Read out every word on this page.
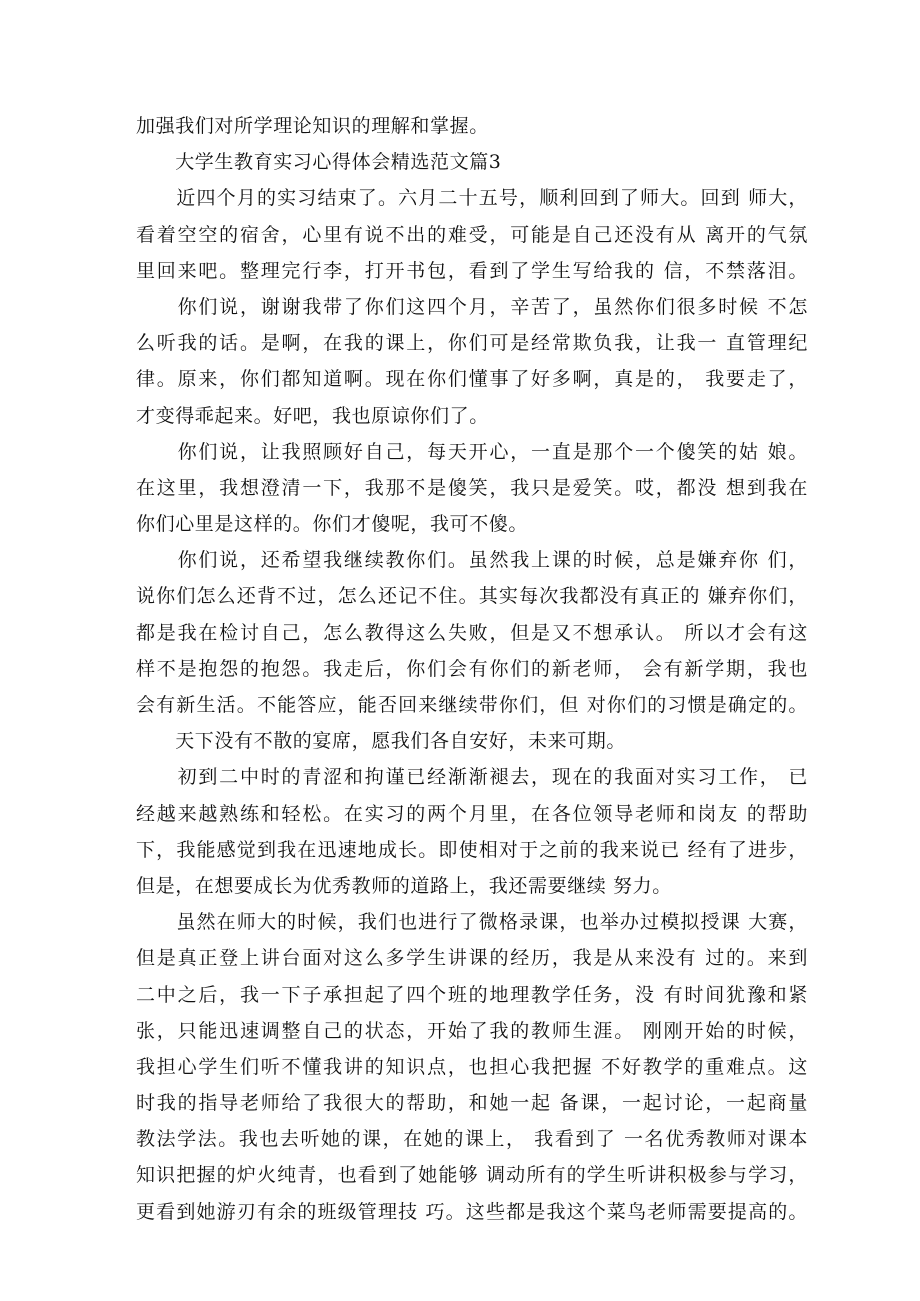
加强我们对所学理论知识的理解和掌握。
　　大学生教育实习心得体会精选范文篇3
　　近四个月的实习结束了。六月二十五号，顺利回到了师大。回到 师大，
看着空空的宿舍，心里有说不出的难受，可能是自己还没有从 离开的气氛
里回来吧。整理完行李，打开书包，看到了学生写给我的 信，不禁落泪。
　　你们说，谢谢我带了你们这四个月，辛苦了，虽然你们很多时候 不怎
么听我的话。是啊，在我的课上，你们可是经常欺负我，让我一 直管理纪
律。原来，你们都知道啊。现在你们懂事了好多啊，真是的， 我要走了，
才变得乖起来。好吧，我也原谅你们了。
　　你们说，让我照顾好自己，每天开心，一直是那个一个傻笑的姑 娘。
在这里，我想澄清一下，我那不是傻笑，我只是爱笑。哎，都没 想到我在
你们心里是这样的。你们才傻呢，我可不傻。
　　你们说，还希望我继续教你们。虽然我上课的时候，总是嫌弃你 们，
说你们怎么还背不过，怎么还记不住。其实每次我都没有真正的 嫌弃你们，
都是我在检讨自己，怎么教得这么失败，但是又不想承认。 所以才会有这
样不是抱怨的抱怨。我走后，你们会有你们的新老师， 会有新学期，我也
会有新生活。不能答应，能否回来继续带你们，但 对你们的习惯是确定的。
　　天下没有不散的宴席，愿我们各自安好，未来可期。
　　初到二中时的青涩和拘谨已经渐渐褪去，现在的我面对实习工作， 已
经越来越熟练和轻松。在实习的两个月里，在各位领导老师和岗友 的帮助
下，我能感觉到我在迅速地成长。即使相对于之前的我来说已 经有了进步，
但是，在想要成长为优秀教师的道路上，我还需要继续 努力。
　　虽然在师大的时候，我们也进行了微格录课，也举办过模拟授课 大赛，
但是真正登上讲台面对这么多学生讲课的经历，我是从来没有 过的。来到
二中之后，我一下子承担起了四个班的地理教学任务，没 有时间犹豫和紧
张，只能迅速调整自己的状态，开始了我的教师生涯。 刚刚开始的时候，
我担心学生们听不懂我讲的知识点，也担心我把握 不好教学的重难点。这
时我的指导老师给了我很大的帮助，和她一起 备课，一起讨论，一起商量
教法学法。我也去听她的课，在她的课上， 我看到了 一名优秀教师对课本
知识把握的炉火纯青，也看到了她能够 调动所有的学生听讲积极参与学习，
更看到她游刃有余的班级管理技 巧。这些都是我这个菜鸟老师需要提高的。
